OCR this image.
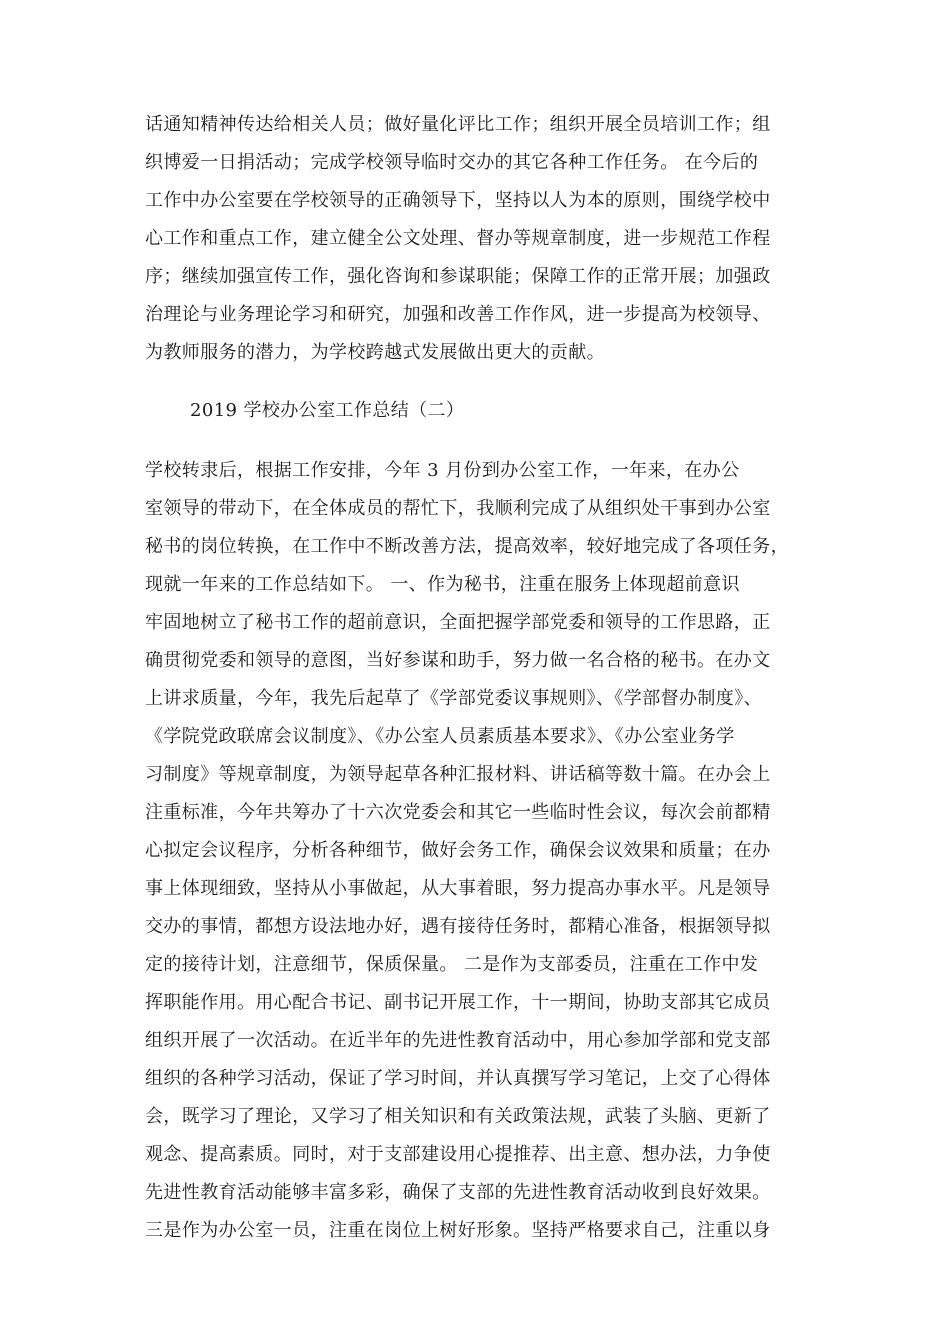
话通知精神传达给相关人员；做好量化评比工作；组织开展全员培训工作；组
织博爱一日捐活动；完成学校领导临时交办的其它各种工作任务。 在今后的
工作中办公室要在学校领导的正确领导下，坚持以人为本的原则，围绕学校中
心工作和重点工作，建立健全公文处理、督办等规章制度，进一步规范工作程
序；继续加强宣传工作，强化咨询和参谋职能；保障工作的正常开展；加强政
治理论与业务理论学习和研究，加强和改善工作作风，进一步提高为校领导、
为教师服务的潜力，为学校跨越式发展做出更大的贡献。
2019 学校办公室工作总结（二）
学校转隶后，根据工作安排，今年 3 月份到办公室工作，一年来，在办公
室领导的带动下，在全体成员的帮忙下，我顺利完成了从组织处干事到办公室
秘书的岗位转换，在工作中不断改善方法，提高效率，较好地完成了各项任务，
现就一年来的工作总结如下。 一、作为秘书，注重在服务上体现超前意识
牢固地树立了秘书工作的超前意识，全面把握学部党委和领导的工作思路，正
确贯彻党委和领导的意图，当好参谋和助手，努力做一名合格的秘书。在办文
上讲求质量，今年，我先后起草了《学部党委议事规则》、《学部督办制度》、
《学院党政联席会议制度》、《办公室人员素质基本要求》、《办公室业务学
习制度》等规章制度，为领导起草各种汇报材料、讲话稿等数十篇。在办会上
注重标准，今年共筹办了十六次党委会和其它一些临时性会议，每次会前都精
心拟定会议程序，分析各种细节，做好会务工作，确保会议效果和质量；在办
事上体现细致，坚持从小事做起，从大事着眼，努力提高办事水平。凡是领导
交办的事情，都想方设法地办好，遇有接待任务时，都精心准备，根据领导拟
定的接待计划，注意细节，保质保量。 二是作为支部委员，注重在工作中发
挥职能作用。用心配合书记、副书记开展工作，十一期间，协助支部其它成员
组织开展了一次活动。在近半年的先进性教育活动中，用心参加学部和党支部
组织的各种学习活动，保证了学习时间，并认真撰写学习笔记，上交了心得体
会，既学习了理论，又学习了相关知识和有关政策法规，武装了头脑、更新了
观念、提高素质。同时，对于支部建设用心提推荐、出主意、想办法，力争使
先进性教育活动能够丰富多彩，确保了支部的先进性教育活动收到良好效果。
三是作为办公室一员，注重在岗位上树好形象。坚持严格要求自己，注重以身
